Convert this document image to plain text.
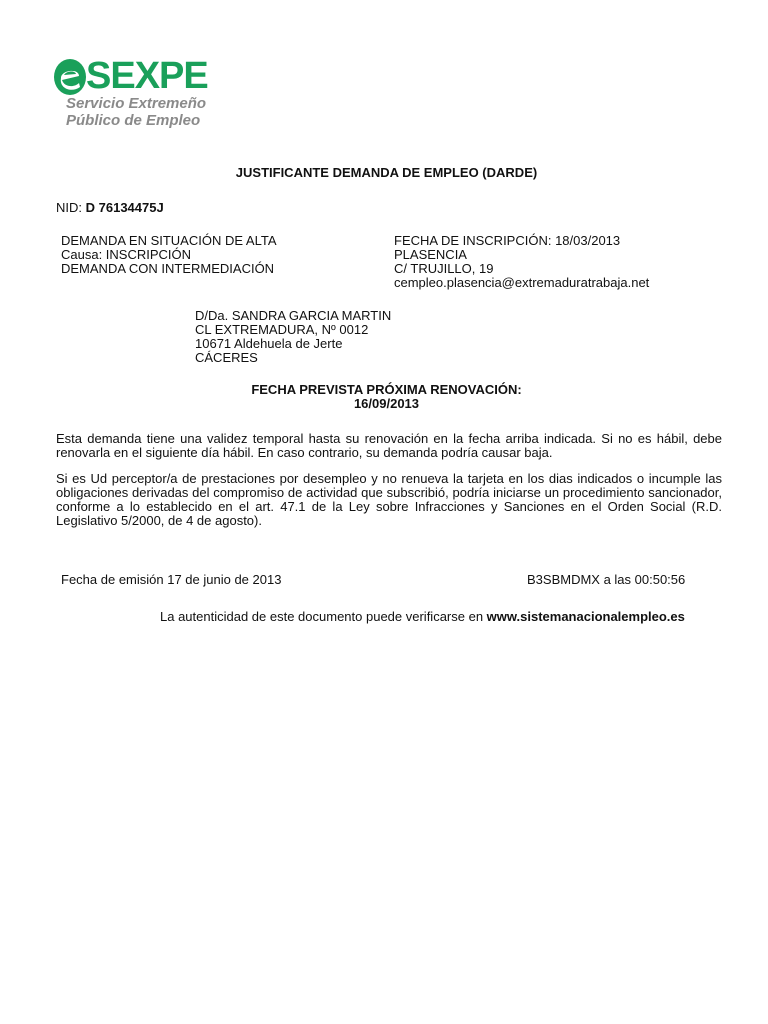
SEXPE
Servicio Extremeño
Público de Empleo
JUSTIFICANTE DEMANDA DE EMPLEO (DARDE)
NID: D 76134475J
DEMANDA EN SITUACIÓN DE ALTA
Causa: INSCRIPCIÓN
DEMANDA CON INTERMEDIACIÓN
FECHA DE INSCRIPCIÓN: 18/03/2013
PLASENCIA
C/ TRUJILLO, 19
cempleo.plasencia@extremaduratrabaja.net
D/Da. SANDRA GARCIA MARTIN
CL EXTREMADURA, Nº 0012
10671 Aldehuela de Jerte
CÁCERES
FECHA PREVISTA PRÓXIMA RENOVACIÓN:
16/09/2013
Esta demanda tiene una validez temporal hasta su renovación en la fecha arriba indicada. Si no es hábil, debe renovarla en el siguiente día hábil. En caso contrario, su demanda podría causar baja.
Si es Ud perceptor/a de prestaciones por desempleo y no renueva la tarjeta en los dias indicados o incumple las obligaciones derivadas del compromiso de actividad que subscribió, podría iniciarse un procedimiento sancionador, conforme a lo establecido en el art. 47.1 de la Ley sobre Infracciones y Sanciones en el Orden Social (R.D. Legislativo 5/2000, de 4 de agosto).
Fecha de emisión 17 de junio de 2013	B3SBMDMX a las 00:50:56
La autenticidad de este documento puede verificarse en www.sistemanacionalempleo.es
